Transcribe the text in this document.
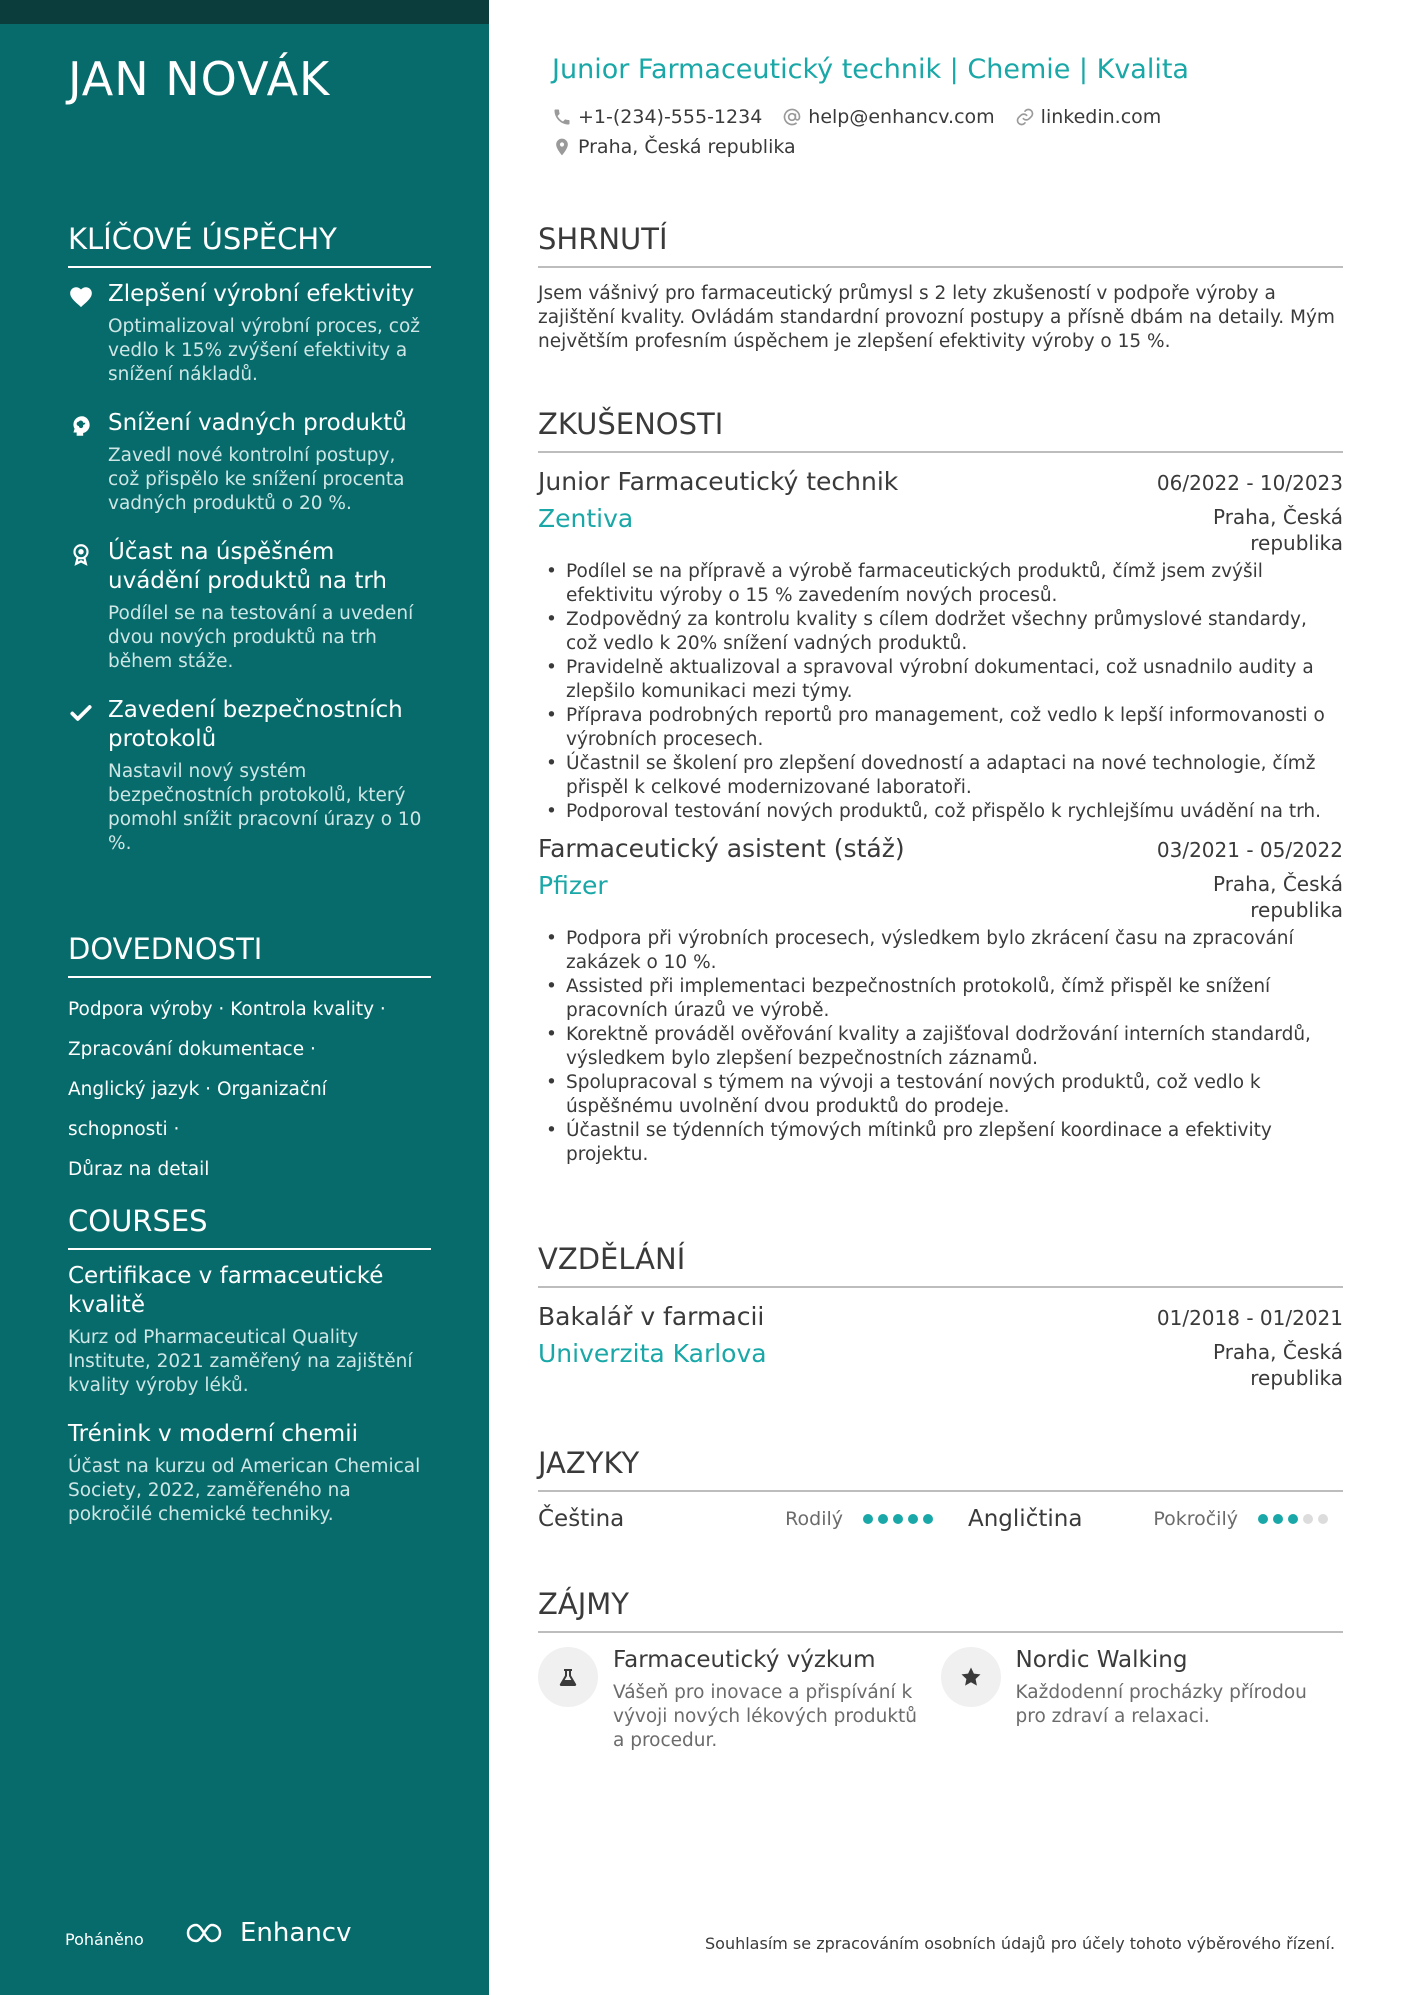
JAN NOVÁK
KLÍČOVÉ ÚSPĚCHY
Zlepšení výrobní efektivity
Optimalizoval výrobní proces, což vedlo k 15% zvýšení efektivity a snížení nákladů.
Snížení vadných produktů
Zavedl nové kontrolní postupy, což přispělo ke snížení procenta vadných produktů o 20 %.
Účast na úspěšném uvádění produktů na trh
Podílel se na testování a uvedení dvou nových produktů na trh během stáže.
Zavedení bezpečnostních protokolů
Nastavil nový systém bezpečnostních protokolů, který pomohl snížit pracovní úrazy o 10 %.
DOVEDNOSTI
Podpora výroby · Kontrola kvality ·
Zpracování dokumentace ·
Anglický jazyk · Organizační schopnosti ·
Důraz na detail
COURSES
Certifikace v farmaceutické kvalitě
Kurz od Pharmaceutical Quality Institute, 2021 zaměřený na zajištění kvality výroby léků.
Trénink v moderní chemii
Účast na kurzu od American Chemical Society, 2022, zaměřeného na pokročilé chemické techniky.
Poháněno	Enhancv
Junior Farmaceutický technik | Chemie | Kvalita
+1-(234)-555-1234 help@enhancv.com linkedin.com
Praha, Česká republika
SHRNUTÍ
Jsem vášnivý pro farmaceutický průmysl s 2 lety zkušeností v podpoře výroby a zajištění kvality. Ovládám standardní provozní postupy a přísně dbám na detaily. Mým největším profesním úspěchem je zlepšení efektivity výroby o 15 %.
ZKUŠENOSTI
Junior Farmaceutický technik	06/2022 - 10/2023
Zentiva	Praha, Česká republika
• Podílel se na přípravě a výrobě farmaceutických produktů, čímž jsem zvýšil efektivitu výroby o 15 % zavedením nových procesů.
• Zodpovědný za kontrolu kvality s cílem dodržet všechny průmyslové standardy, což vedlo k 20% snížení vadných produktů.
• Pravidelně aktualizoval a spravoval výrobní dokumentaci, což usnadnilo audity a zlepšilo komunikaci mezi týmy.
• Příprava podrobných reportů pro management, což vedlo k lepší informovanosti o výrobních procesech.
• Účastnil se školení pro zlepšení dovedností a adaptaci na nové technologie, čímž přispěl k celkové modernizované laboratoři.
• Podporoval testování nových produktů, což přispělo k rychlejšímu uvádění na trh.
Farmaceutický asistent (stáž)	03/2021 - 05/2022
Pfizer	Praha, Česká republika
• Podpora při výrobních procesech, výsledkem bylo zkrácení času na zpracování zakázek o 10 %.
• Assisted při implementaci bezpečnostních protokolů, čímž přispěl ke snížení pracovních úrazů ve výrobě.
• Korektně prováděl ověřování kvality a zajišťoval dodržování interních standardů, výsledkem bylo zlepšení bezpečnostních záznamů.
• Spolupracoval s týmem na vývoji a testování nových produktů, což vedlo k úspěšnému uvolnění dvou produktů do prodeje.
• Účastnil se týdenních týmových mítinků pro zlepšení koordinace a efektivity projektu.
VZDĚLÁNÍ
Bakalář v farmacii	01/2018 - 01/2021
Univerzita Karlova	Praha, Česká republika
JAZYKY
Čeština	Rodilý	Angličtina	Pokročilý
ZÁJMY
Farmaceutický výzkum
Vášeň pro inovace a přispívání k vývoji nových lékových produktů a procedur.
Nordic Walking
Každodenní procházky přírodou pro zdraví a relaxaci.
Souhlasím se zpracováním osobních údajů pro účely tohoto výběrového řízení.
